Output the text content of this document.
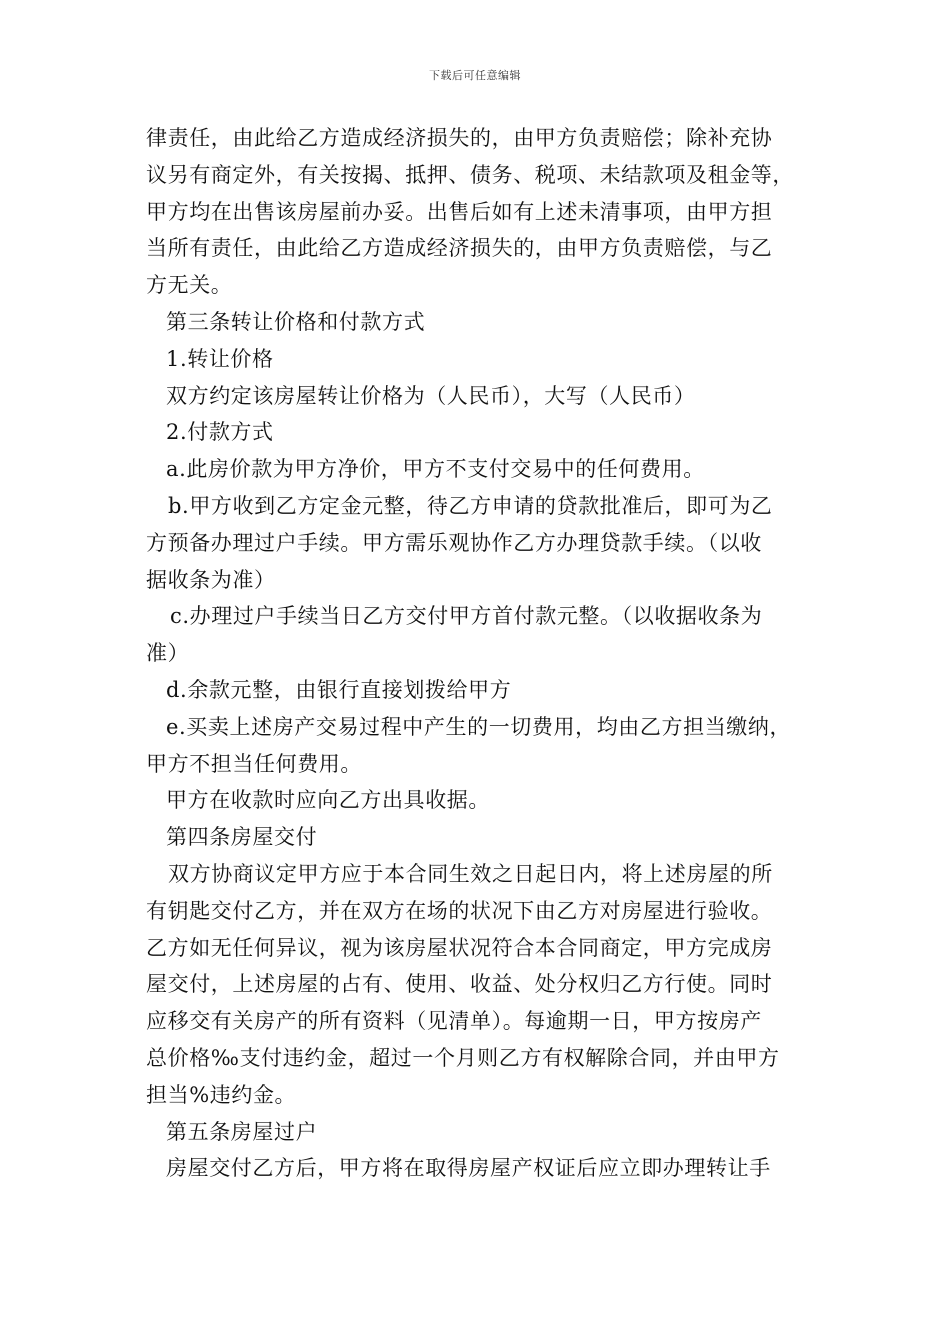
下载后可任意编辑
律责任，由此给乙方造成经济损失的，由甲方负责赔偿；除补充协
议另有商定外，有关按揭、抵押、债务、税项、未结款项及租金等，
甲方均在出售该房屋前办妥。出售后如有上述未清事项，由甲方担
当所有责任，由此给乙方造成经济损失的，由甲方负责赔偿，与乙
方无关。
第三条转让价格和付款方式
1.转让价格
双方约定该房屋转让价格为（人民币），大写（人民币）
2.付款方式
a.此房价款为甲方净价，甲方不支付交易中的任何费用。
b.甲方收到乙方定金元整，待乙方申请的贷款批准后，即可为乙
方预备办理过户手续。甲方需乐观协作乙方办理贷款手续。（以收
据收条为准）
c.办理过户手续当日乙方交付甲方首付款元整。（以收据收条为
准）
d.余款元整，由银行直接划拨给甲方
e.买卖上述房产交易过程中产生的一切费用，均由乙方担当缴纳，
甲方不担当任何费用。
甲方在收款时应向乙方出具收据。
第四条房屋交付
双方协商议定甲方应于本合同生效之日起日内，将上述房屋的所
有钥匙交付乙方，并在双方在场的状况下由乙方对房屋进行验收。
乙方如无任何异议，视为该房屋状况符合本合同商定，甲方完成房
屋交付，上述房屋的占有、使用、收益、处分权归乙方行使。同时
应移交有关房产的所有资料（见清单）。每逾期一日，甲方按房产
总价格‰支付违约金，超过一个月则乙方有权解除合同，并由甲方
担当%违约金。
第五条房屋过户
房屋交付乙方后，甲方将在取得房屋产权证后应立即办理转让手
